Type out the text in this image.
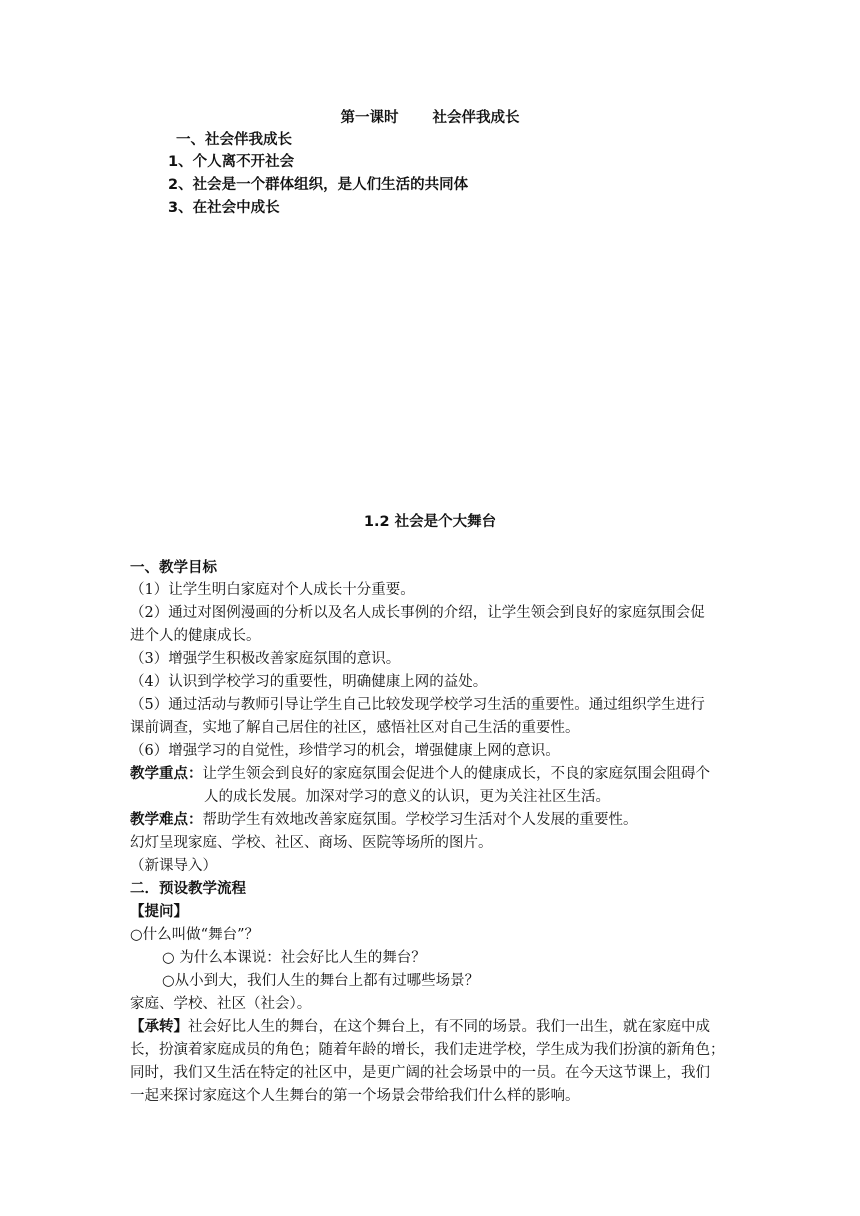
第一课时 社会伴我成长
一、社会伴我成长
1、个人离不开社会
2、社会是一个群体组织，是人们生活的共同体
3、在社会中成长
1.2 社会是个大舞台
一、教学目标
（1）让学生明白家庭对个人成长十分重要。
（2）通过对图例漫画的分析以及名人成长事例的介绍，让学生领会到良好的家庭氛围会促
进个人的健康成长。
（3）增强学生积极改善家庭氛围的意识。
（4）认识到学校学习的重要性，明确健康上网的益处。
（5）通过活动与教师引导让学生自己比较发现学校学习生活的重要性。通过组织学生进行
课前调查，实地了解自己居住的社区，感悟社区对自己生活的重要性。
（6）增强学习的自觉性，珍惜学习的机会，增强健康上网的意识。
教学重点：让学生领会到良好的家庭氛围会促进个人的健康成长，不良的家庭氛围会阻碍个
人的成长发展。加深对学习的意义的认识，更为关注社区生活。
教学难点：帮助学生有效地改善家庭氛围。学校学习生活对个人发展的重要性。
幻灯呈现家庭、学校、社区、商场、医院等场所的图片。
（新课导入）
二．预设教学流程
【提问】
○什么叫做“舞台”？
○ 为什么本课说：社会好比人生的舞台？
○从小到大，我们人生的舞台上都有过哪些场景？
家庭、学校、社区（社会）。
【承转】社会好比人生的舞台，在这个舞台上，有不同的场景。我们一出生，就在家庭中成
长，扮演着家庭成员的角色；随着年龄的增长，我们走进学校，学生成为我们扮演的新角色；
同时，我们又生活在特定的社区中，是更广阔的社会场景中的一员。在今天这节课上，我们
一起来探讨家庭这个人生舞台的第一个场景会带给我们什么样的影响。
